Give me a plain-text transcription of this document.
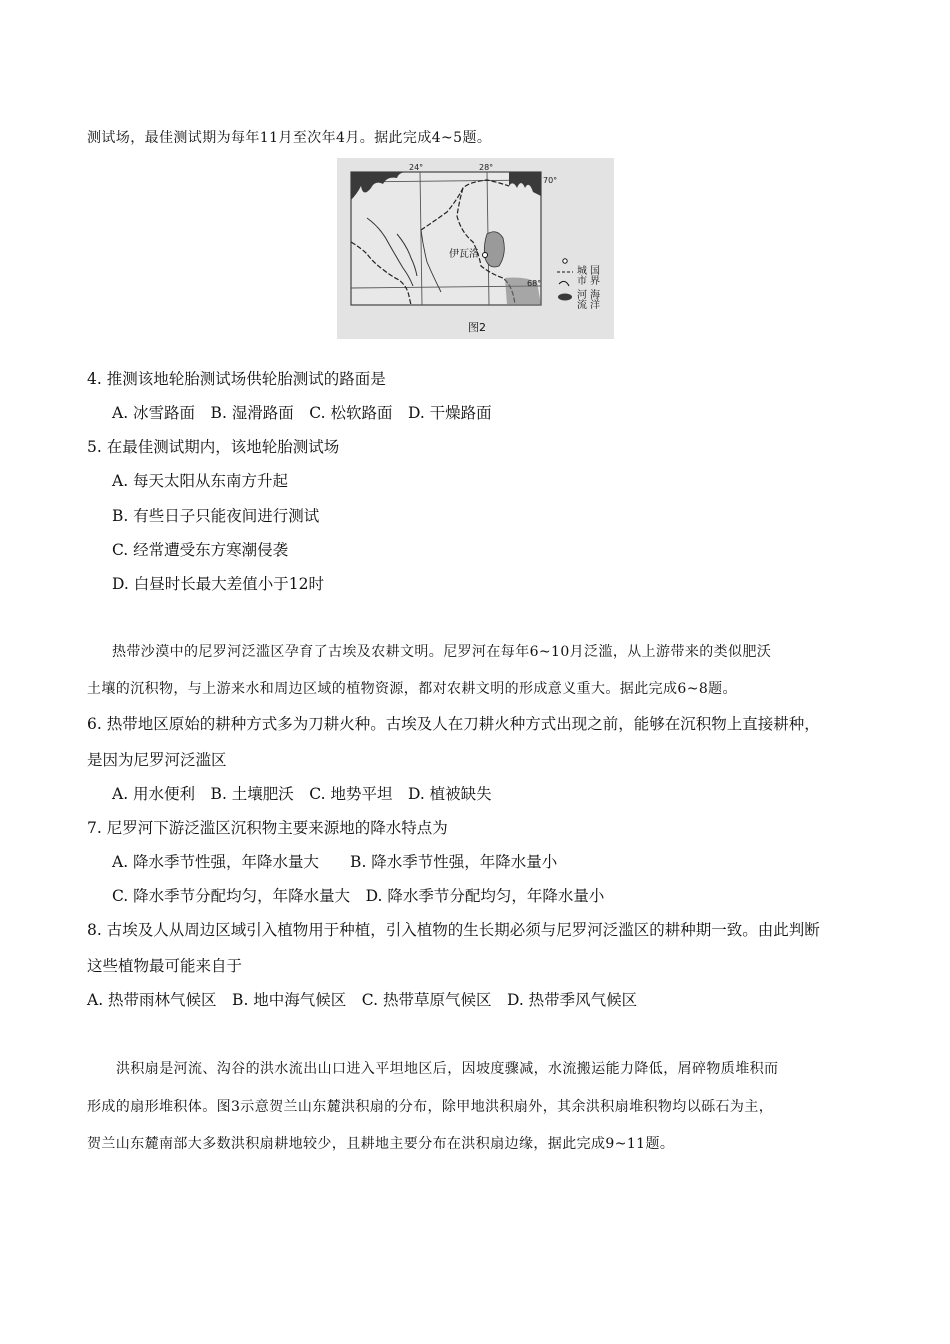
测试场，最佳测试期为每年11月至次年4月。据此完成4~5题。
伊瓦洛
24°	28°
70°
68°	城市 国界
河流 海洋
图2
4. 推测该地轮胎测试场供轮胎测试的路面是
A. 冰雪路面　B. 湿滑路面　C. 松软路面　D. 干燥路面
5. 在最佳测试期内，该地轮胎测试场
A. 每天太阳从东南方升起
B. 有些日子只能夜间进行测试
C. 经常遭受东方寒潮侵袭
D. 白昼时长最大差值小于12时
热带沙漠中的尼罗河泛滥区孕育了古埃及农耕文明。尼罗河在每年6~10月泛滥，从上游带来的类似肥沃
土壤的沉积物，与上游来水和周边区域的植物资源，都对农耕文明的形成意义重大。据此完成6~8题。
6. 热带地区原始的耕种方式多为刀耕火种。古埃及人在刀耕火种方式出现之前，能够在沉积物上直接耕种，
是因为尼罗河泛滥区
A. 用水便利　B. 土壤肥沃　C. 地势平坦　D. 植被缺失
7. 尼罗河下游泛滥区沉积物主要来源地的降水特点为
A. 降水季节性强，年降水量大　　B. 降水季节性强，年降水量小
C. 降水季节分配均匀，年降水量大　D. 降水季节分配均匀，年降水量小
8. 古埃及人从周边区域引入植物用于种植，引入植物的生长期必须与尼罗河泛滥区的耕种期一致。由此判断
这些植物最可能来自于
A. 热带雨林气候区　B. 地中海气候区　C. 热带草原气候区　D. 热带季风气候区
洪积扇是河流、沟谷的洪水流出山口进入平坦地区后，因坡度骤减，水流搬运能力降低，屑碎物质堆积而
形成的扇形堆积体。图3示意贺兰山东麓洪积扇的分布，除甲地洪积扇外，其余洪积扇堆积物均以砾石为主，
贺兰山东麓南部大多数洪积扇耕地较少，且耕地主要分布在洪积扇边缘，据此完成9~11题。
